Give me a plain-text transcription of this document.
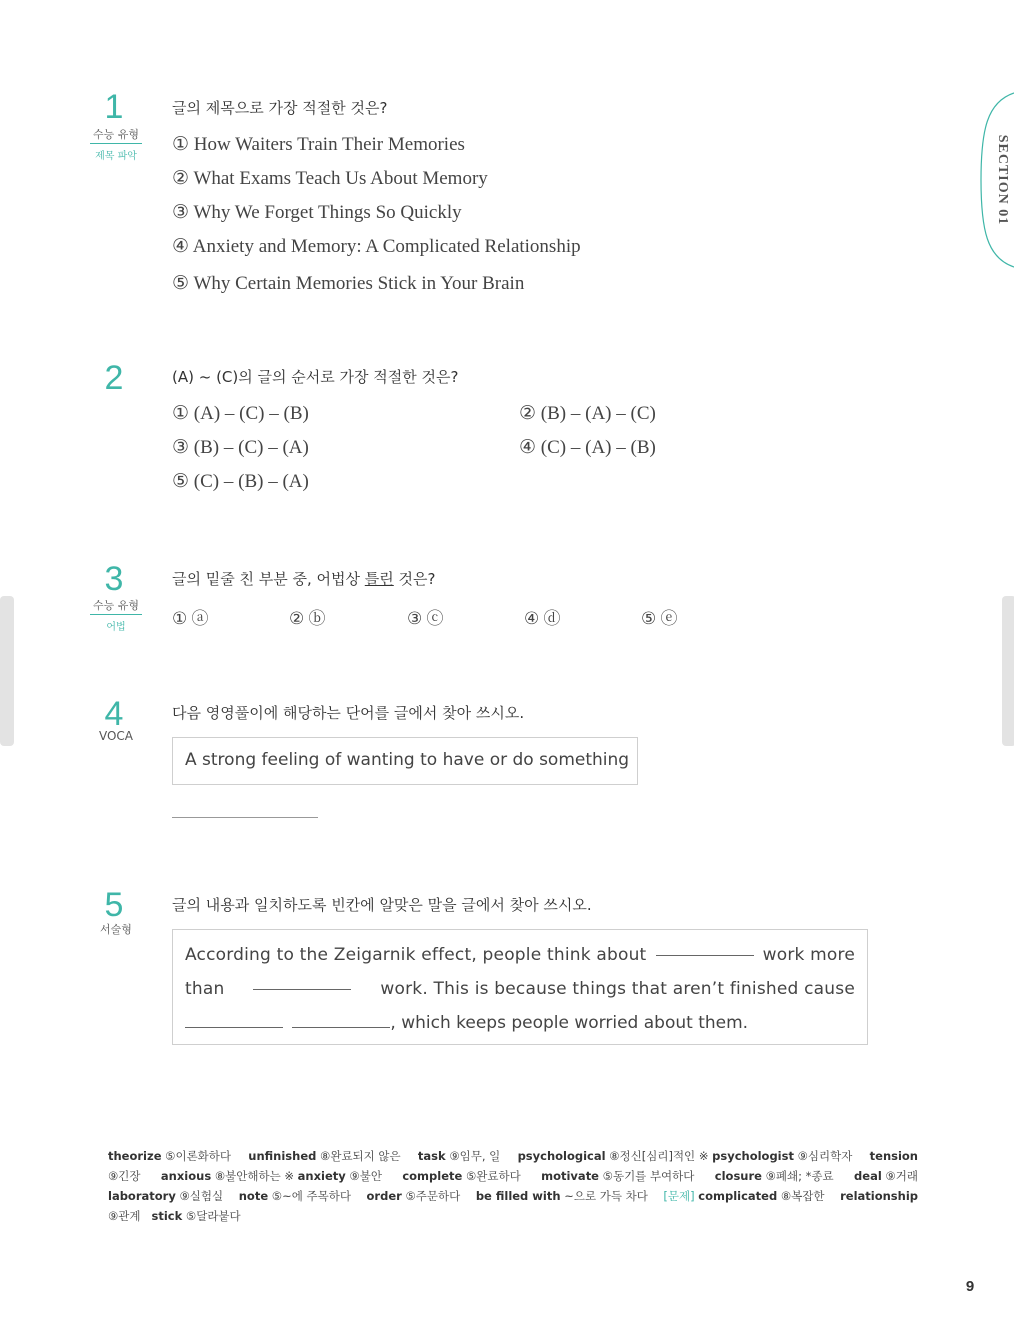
SECTION 01
1
수능 유형
제목 파악
글의 제목으로 가장 적절한 것은?
① How Waiters Train Their Memories
② What Exams Teach Us About Memory
③ Why We Forget Things So Quickly
④ Anxiety and Memory: A Complicated Relationship
⑤ Why Certain Memories Stick in Your Brain
2	(A) ~ (C)의 글의 순서로 가장 적절한 것은?
① (A) – (C) – (B)	② (B) – (A) – (C)
③ (B) – (C) – (A)	④ (C) – (A) – (B)
⑤ (C) – (B) – (A)
3
수능 유형
어법
글의 밑줄 친 부분 중, 어법상 틀린 것은?
① ⓐ	② ⓑ	③ ⓒ	④ ⓓ	⑤ ⓔ
4
VOCA
다음 영영풀이에 해당하는 단어를 글에서 찾아 쓰시오.
A strong feeling of wanting to have or do something
5
서술형
글의 내용과 일치하도록 빈칸에 알맞은 말을 글에서 찾아 쓰시오.
According to the Zeigarnik effect, people think about	work more
than	work. This is because things that aren’t finished cause
, which keeps people worried about them.
theorize ⑤이론화하다 unfinished ⑧완료되지 않은 task ⑨임무, 일 psychological ⑧정신[심리]적인 ※ psychologist ⑨심리학자 tension
⑨긴장 anxious ⑧불안해하는 ※ anxiety ⑨불안 complete ⑤완료하다 motivate ⑤동기를 부여하다 closure ⑨폐쇄; *종료 deal ⑨거래
laboratory ⑨실험실 note ⑤~에 주목하다 order ⑤주문하다 be filled with ~으로 가득 차다 [문제] complicated ⑧복잡한 relationship
⑨관계 stick ⑤달라붙다
9
